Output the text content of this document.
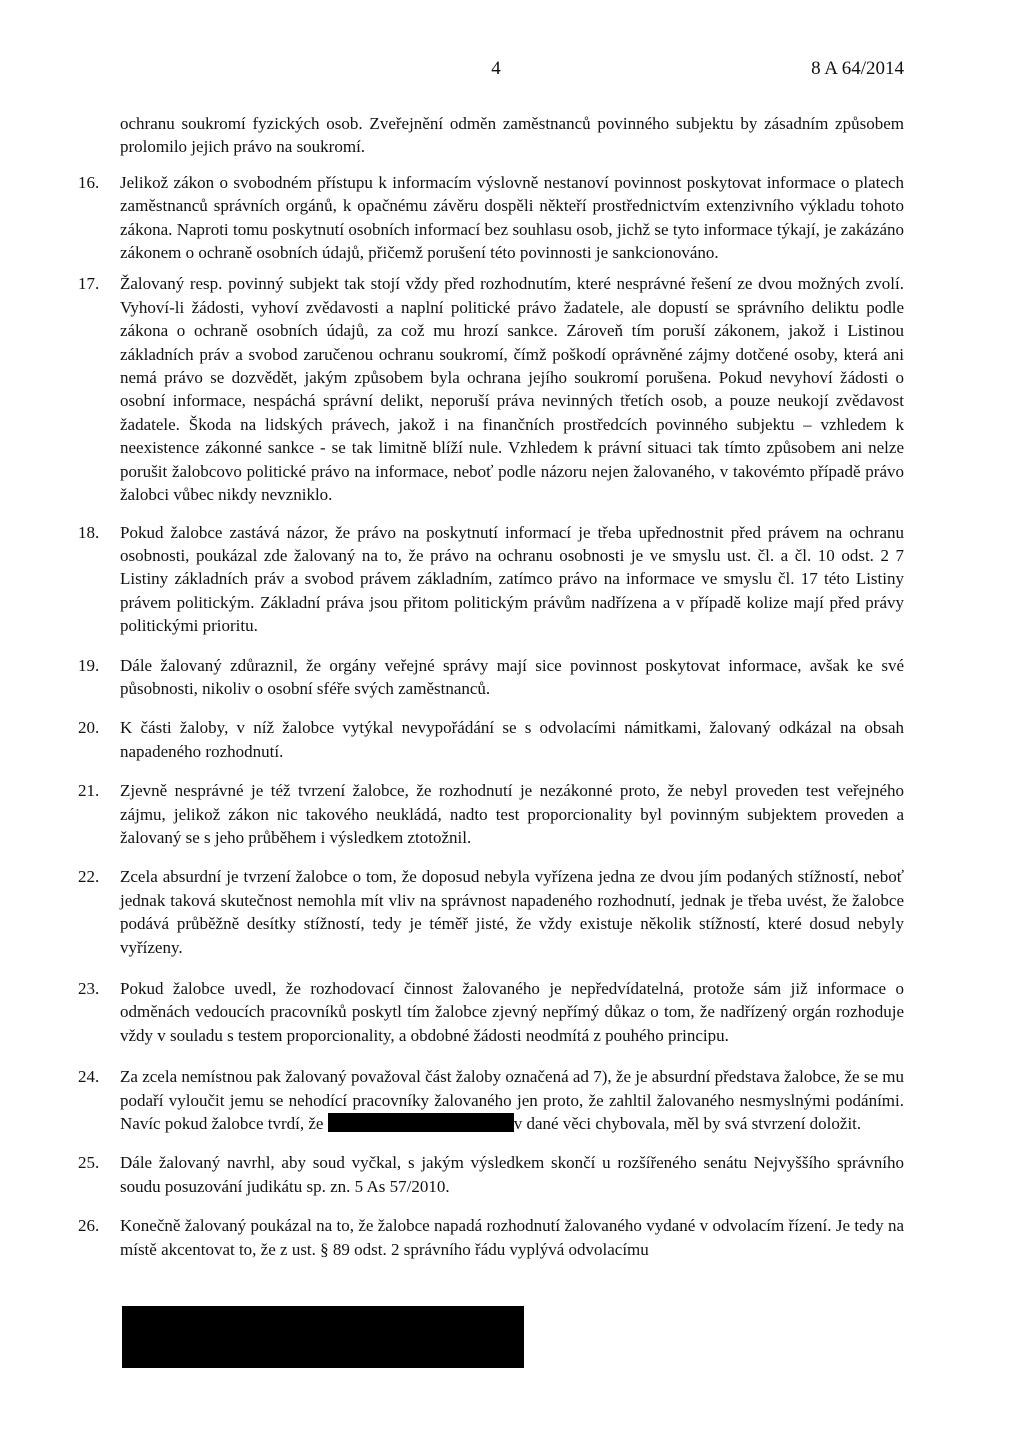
4	8 A 64/2014

ochranu soukromí fyzických osob. Zveřejnění odměn zaměstnanců povinného subjektu by zásadním způsobem prolomilo jejich právo na soukromí.

16.	Jelikož zákon o svobodném přístupu k informacím výslovně nestanoví povinnost poskytovat informace o platech zaměstnanců správních orgánů, k opačnému závěru dospěli někteří prostřednictvím extenzivního výkladu tohoto zákona. Naproti tomu poskytnutí osobních informací bez souhlasu osob, jichž se tyto informace týkají, je zakázáno zákonem o ochraně osobních údajů, přičemž porušení této povinnosti je sankcionováno.

17.	Žalovaný resp. povinný subjekt tak stojí vždy před rozhodnutím, které nesprávné řešení ze dvou možných zvolí. Vyhoví-li žádosti, vyhoví zvědavosti a naplní politické právo žadatele, ale dopustí se správního deliktu podle zákona o ochraně osobních údajů, za což mu hrozí sankce. Zároveň tím poruší zákonem, jakož i Listinou základních práv a svobod zaručenou ochranu soukromí, čímž poškodí oprávněné zájmy dotčené osoby, která ani nemá právo se dozvědět, jakým způsobem byla ochrana jejího soukromí porušena. Pokud nevyhoví žádosti o osobní informace, nespáchá správní delikt, neporuší práva nevinných třetích osob, a pouze neukojí zvědavost žadatele. Škoda na lidských právech, jakož i na finančních prostředcích povinného subjektu – vzhledem k neexistence zákonné sankce - se tak limitně blíží nule. Vzhledem k právní situaci tak tímto způsobem ani nelze porušit žalobcovo politické právo na informace, neboť podle názoru nejen žalovaného, v takovémto případě právo žalobci vůbec nikdy nevzniklo.

18.	Pokud žalobce zastává názor, že právo na poskytnutí informací je třeba upřednostnit před právem na ochranu osobnosti, poukázal zde žalovaný na to, že právo na ochranu osobnosti je ve smyslu ust. čl. a čl. 10 odst. 2 7 Listiny základních práv a svobod právem základním, zatímco právo na informace ve smyslu čl. 17 této Listiny právem politickým. Základní práva jsou přitom politickým právům nadřízena a v případě kolize mají před právy politickými prioritu.

19.	Dále žalovaný zdůraznil, že orgány veřejné správy mají sice povinnost poskytovat informace, avšak ke své působnosti, nikoliv o osobní sféře svých zaměstnanců.

20.	K části žaloby, v níž žalobce vytýkal nevypořádání se s odvolacími námitkami, žalovaný odkázal na obsah napadeného rozhodnutí.

21.	Zjevně nesprávné je též tvrzení žalobce, že rozhodnutí je nezákonné proto, že nebyl proveden test veřejného zájmu, jelikož zákon nic takového neukládá, nadto test proporcionality byl povinným subjektem proveden a žalovaný se s jeho průběhem i výsledkem ztotožnil.

22.	Zcela absurdní je tvrzení žalobce o tom, že doposud nebyla vyřízena jedna ze dvou jím podaných stížností, neboť jednak taková skutečnost nemohla mít vliv na správnost napadeného rozhodnutí, jednak je třeba uvést, že žalobce podává průběžně desítky stížností, tedy je téměř jisté, že vždy existuje několik stížností, které dosud nebyly vyřízeny.

23.	Pokud žalobce uvedl, že rozhodovací činnost žalovaného je nepředvídatelná, protože sám již informace o odměnách vedoucích pracovníků poskytl tím žalobce zjevný nepřímý důkaz o tom, že nadřízený orgán rozhoduje vždy v souladu s testem proporcionality, a obdobné žádosti neodmítá z pouhého principu.

24.	Za zcela nemístnou pak žalovaný považoval část žaloby označená ad 7), že je absurdní představa žalobce, že se mu podaří vyloučit jemu se nehodící pracovníky žalovaného jen proto, že zahltil žalovaného nesmyslnými podáními. Navíc pokud žalobce tvrdí, že	v dané věci chybovala, měl by svá stvrzení doložit.

25.	Dále žalovaný navrhl, aby soud vyčkal, s jakým výsledkem skončí u rozšířeného senátu Nejvyššího správního soudu posuzování judikátu sp. zn. 5 As 57/2010.

26.	Konečně žalovaný poukázal na to, že žalobce napadá rozhodnutí žalovaného vydané v odvolacím řízení. Je tedy na místě akcentovat to, že z ust. § 89 odst. 2 správního řádu vyplývá odvolacímu
